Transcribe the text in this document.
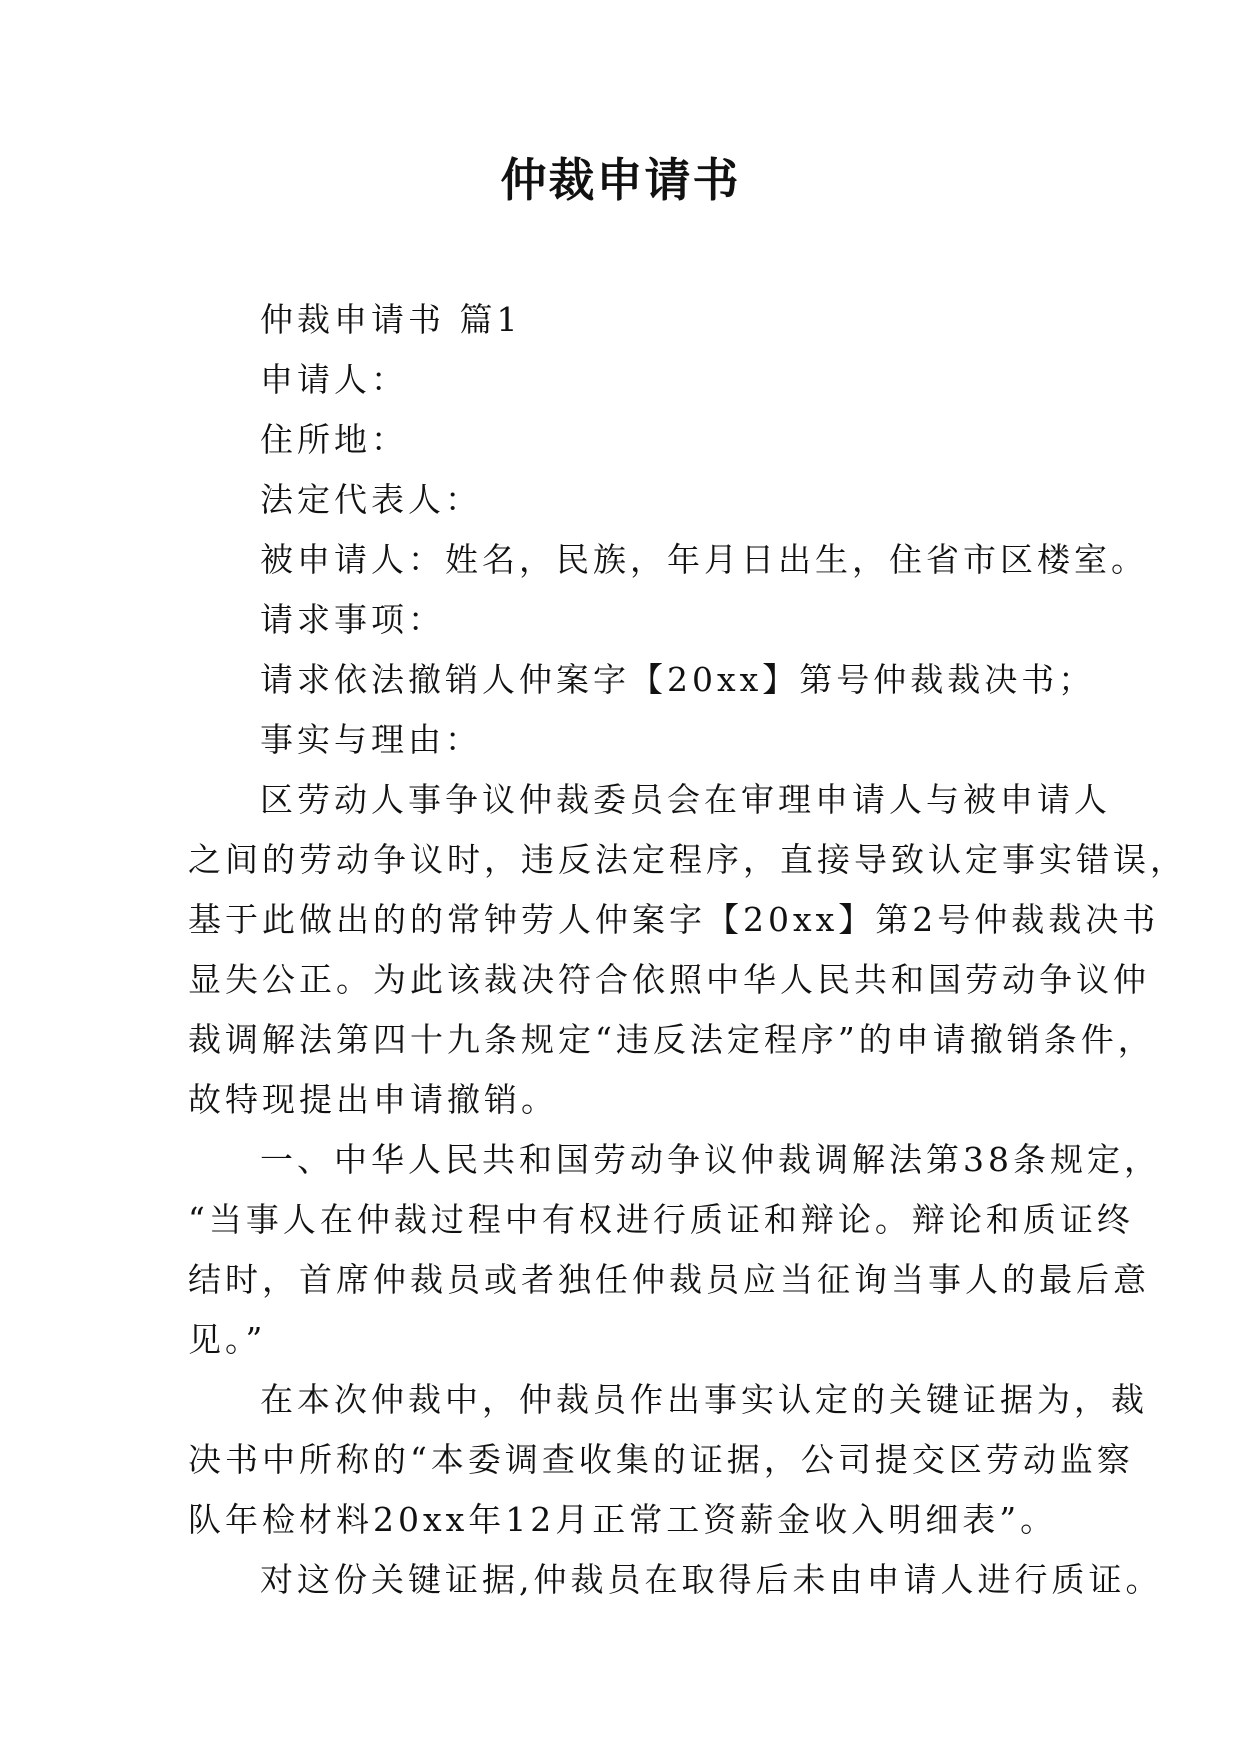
仲裁申请书

仲裁申请书 篇1

申请人：

住所地：

法定代表人：

被申请人：姓名，民族，年月日出生，住省市区楼室。

请求事项：

请求依法撤销人仲案字【20xx】第号仲裁裁决书；

事实与理由：

区劳动人事争议仲裁委员会在审理申请人与被申请人

之间的劳动争议时，违反法定程序，直接导致认定事实错误，

基于此做出的的常钟劳人仲案字【20xx】第2号仲裁裁决书

显失公正。为此该裁决符合依照中华人民共和国劳动争议仲

裁调解法第四十九条规定“违反法定程序”的申请撤销条件，

故特现提出申请撤销。

一、中华人民共和国劳动争议仲裁调解法第38条规定，

“当事人在仲裁过程中有权进行质证和辩论。辩论和质证终

结时，首席仲裁员或者独任仲裁员应当征询当事人的最后意

见。”

在本次仲裁中，仲裁员作出事实认定的关键证据为，裁

决书中所称的“本委调查收集的证据，公司提交区劳动监察

队年检材料20xx年12月正常工资薪金收入明细表”。

对这份关键证据,仲裁员在取得后未由申请人进行质证。
